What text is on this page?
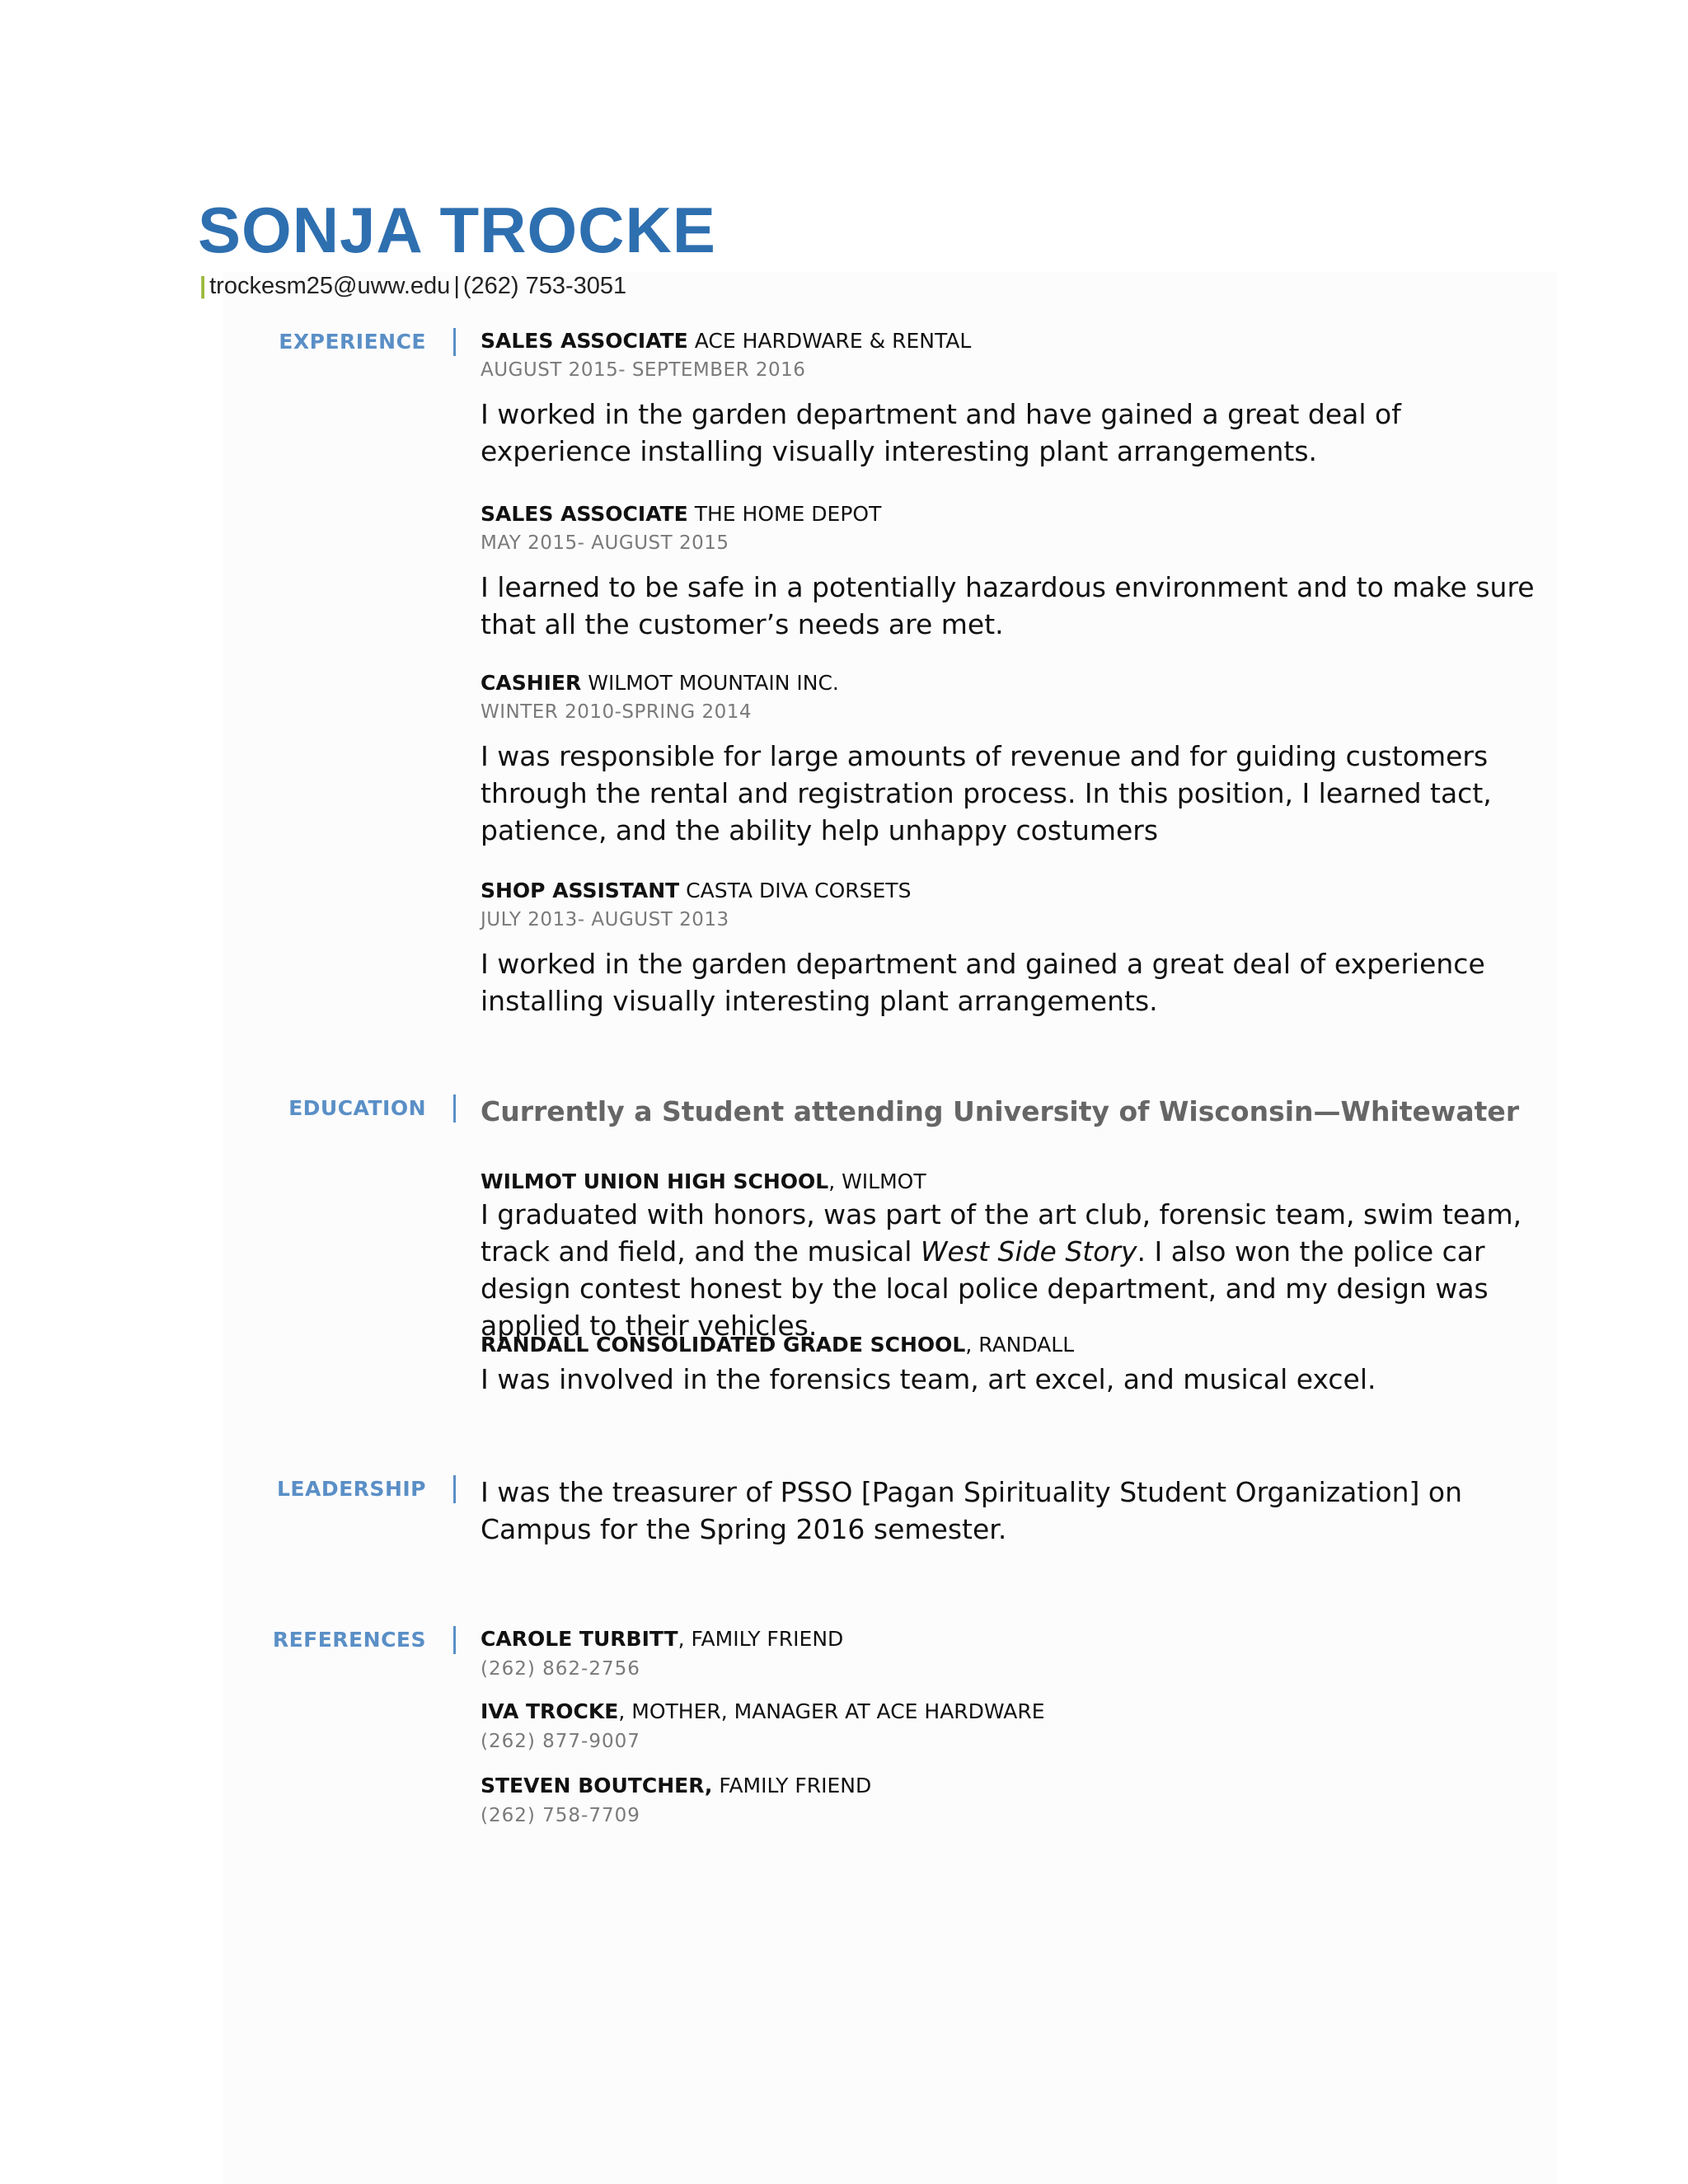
SONJA TROCKE
| trockesm25@uww.edu | (262) 753-3051
EXPERIENCE	SALES ASSOCIATE ACE HARDWARE & RENTAL
AUGUST 2015- SEPTEMBER 2016
I worked in the garden department and have gained a great deal of experience installing visually interesting plant arrangements.
SALES ASSOCIATE THE HOME DEPOT
MAY 2015- AUGUST 2015
I learned to be safe in a potentially hazardous environment and to make sure that all the customer’s needs are met.
CASHIER WILMOT MOUNTAIN INC.
WINTER 2010-SPRING 2014
I was responsible for large amounts of revenue and for guiding customers through the rental and registration process. In this position, I learned tact, patience, and the ability help unhappy costumers
SHOP ASSISTANT CASTA DIVA CORSETS
JULY 2013- AUGUST 2013
I worked in the garden department and gained a great deal of experience installing visually interesting plant arrangements.
EDUCATION	Currently a Student attending University of Wisconsin—Whitewater
WILMOT UNION HIGH SCHOOL, WILMOT
I graduated with honors, was part of the art club, forensic team, swim team, track and field, and the musical West Side Story. I also won the police car design contest honest by the local police department, and my design was applied to their vehicles.
RANDALL CONSOLIDATED GRADE SCHOOL, RANDALL
I was involved in the forensics team, art excel, and musical excel.
LEADERSHIP	I was the treasurer of PSSO [Pagan Spirituality Student Organization] on Campus for the Spring 2016 semester.
REFERENCES	CAROLE TURBITT, FAMILY FRIEND
(262) 862-2756
IVA TROCKE, MOTHER, MANAGER AT ACE HARDWARE
(262) 877-9007
STEVEN BOUTCHER, FAMILY FRIEND
(262) 758-7709
